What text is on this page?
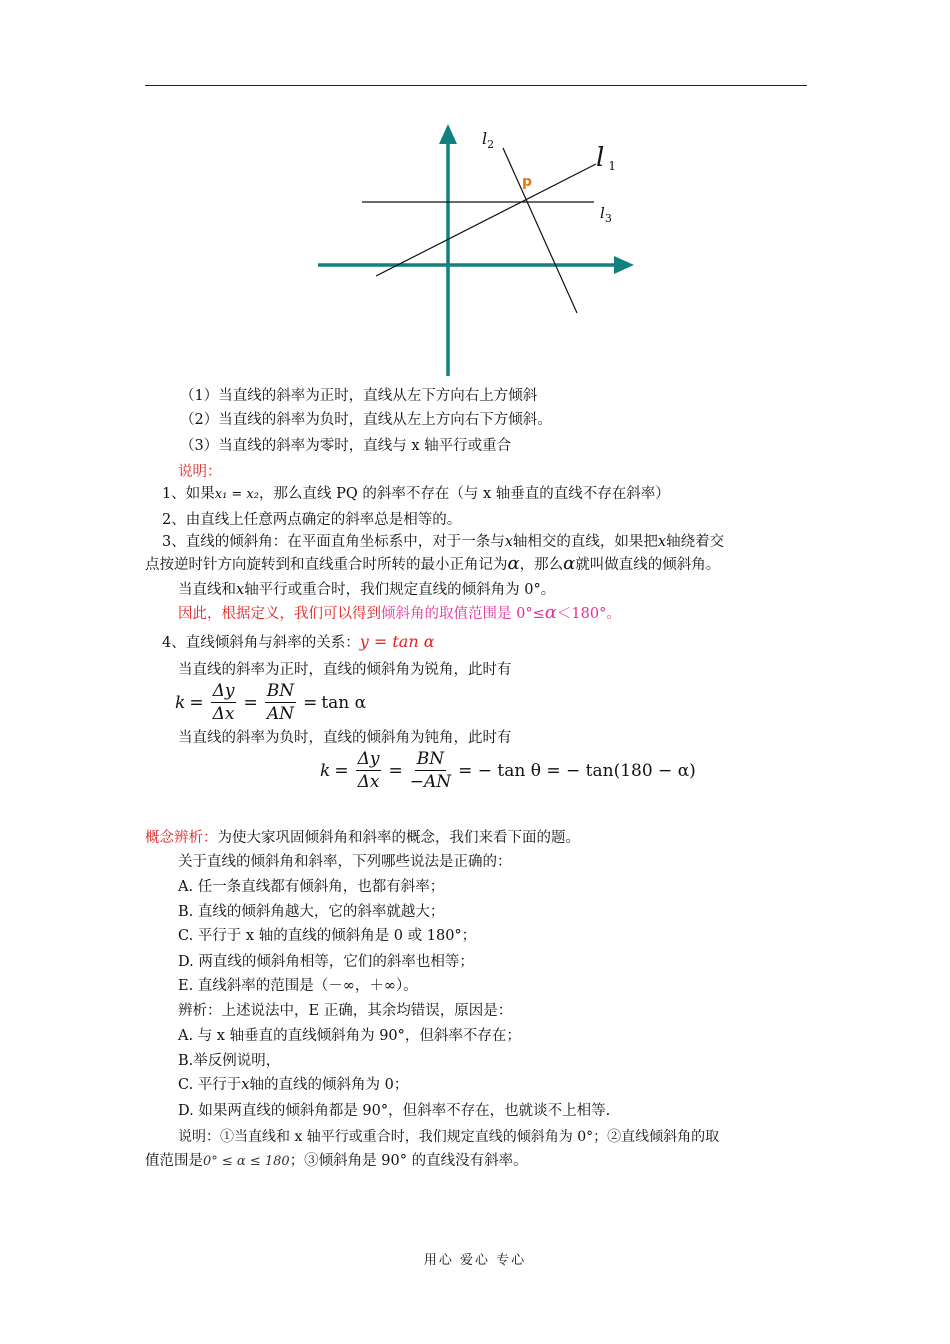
$l_2$	l 1
$l_3$
p
（1）当直线的斜率为正时，直线从左下方向右上方倾斜
（2）当直线的斜率为负时，直线从左上方向右下方倾斜。
（3）当直线的斜率为零时，直线与 x 轴平行或重合
说明：
1、如果x₁ = x₂，那么直线 PQ 的斜率不存在（与 x 轴垂直的直线不存在斜率）
2、由直线上任意两点确定的斜率总是相等的。
3、直线的倾斜角：在平面直角坐标系中，对于一条与x轴相交的直线，如果把x轴绕着交
点按逆时针方向旋转到和直线重合时所转的最小正角记为α，那么α就叫做直线的倾斜角。
当直线和x轴平行或重合时，我们规定直线的倾斜角为 0°。
因此，根据定义，我们可以得到倾斜角的取值范围是 0°≤α＜180°。
4、直线倾斜角与斜率的关系：y = tan α
当直线的斜率为正时，直线的倾斜角为锐角，此时有
$k = \frac{\Delta y}{\Delta x} = \frac{BN}{AN} = \tan \alpha$
当直线的斜率为负时，直线的倾斜角为钝角，此时有
$k = \frac{\Delta y}{\Delta x} = \frac{BN}{-AN}$ = − tan θ = − tan(180 − α)
概念辨析：为使大家巩固倾斜角和斜率的概念，我们来看下面的题。
关于直线的倾斜角和斜率，下列哪些说法是正确的：
A. 任一条直线都有倾斜角，也都有斜率；
B. 直线的倾斜角越大，它的斜率就越大；
C. 平行于 x 轴的直线的倾斜角是 0 或 180°；
D. 两直线的倾斜角相等，它们的斜率也相等；
E. 直线斜率的范围是（－∞，＋∞）。
辨析：上述说法中，E 正确，其余均错误，原因是：
A. 与 x 轴垂直的直线倾斜角为 90°，但斜率不存在；
B.举反例说明，
C. 平行于x轴的直线的倾斜角为 0；
D. 如果两直线的倾斜角都是 90°，但斜率不存在，也就谈不上相等.
说明：①当直线和 x 轴平行或重合时，我们规定直线的倾斜角为 0°；②直线倾斜角的取
值范围是0° ≤ α ≤ 180；③倾斜角是 90° 的直线没有斜率。
用心 爱心 专心
